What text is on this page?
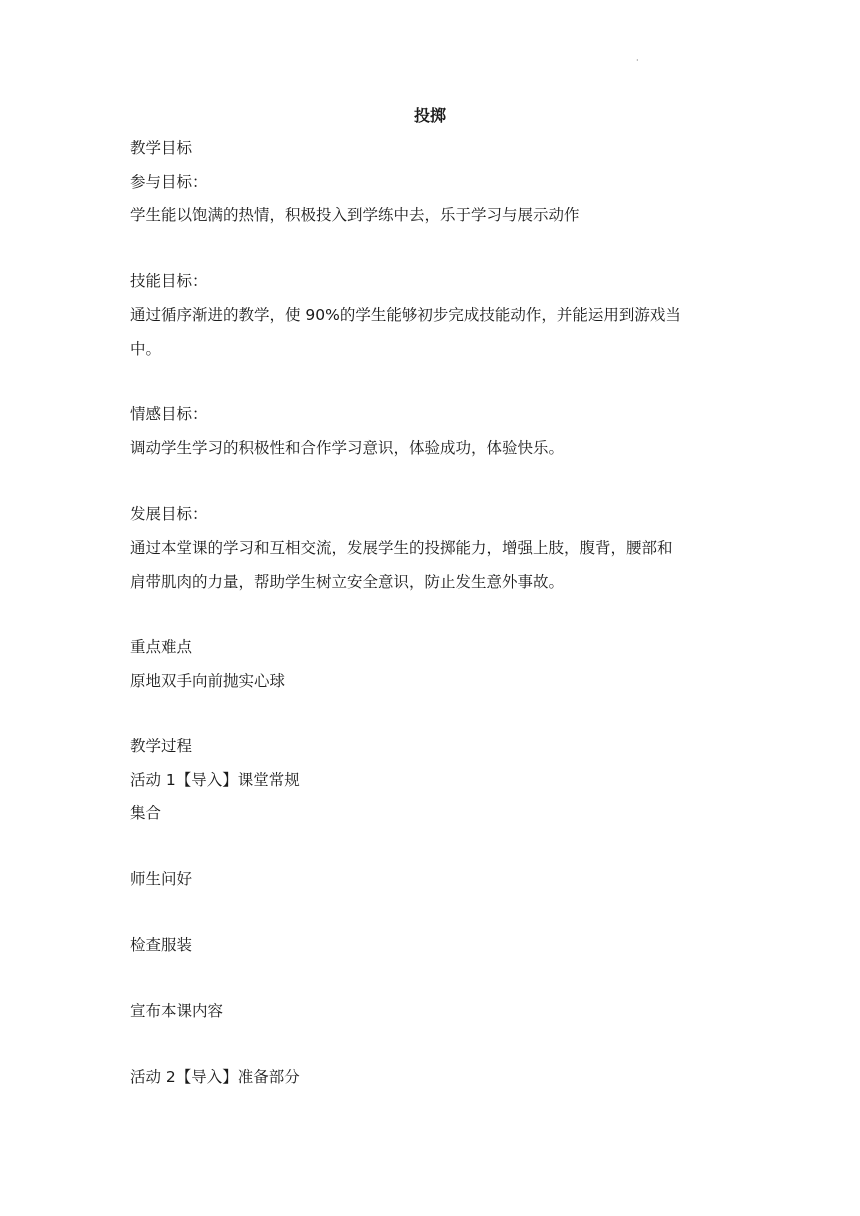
·
投掷
教学目标
参与目标：
学生能以饱满的热情，积极投入到学练中去，乐于学习与展示动作
技能目标：
通过循序渐进的教学，使 90%的学生能够初步完成技能动作，并能运用到游戏当
中。
情感目标：
调动学生学习的积极性和合作学习意识，体验成功，体验快乐。
发展目标：
通过本堂课的学习和互相交流，发展学生的投掷能力，增强上肢，腹背，腰部和
肩带肌肉的力量，帮助学生树立安全意识，防止发生意外事故。
重点难点
原地双手向前抛实心球
教学过程
活动 1【导入】课堂常规
集合
师生问好
检查服装
宣布本课内容
活动 2【导入】准备部分
